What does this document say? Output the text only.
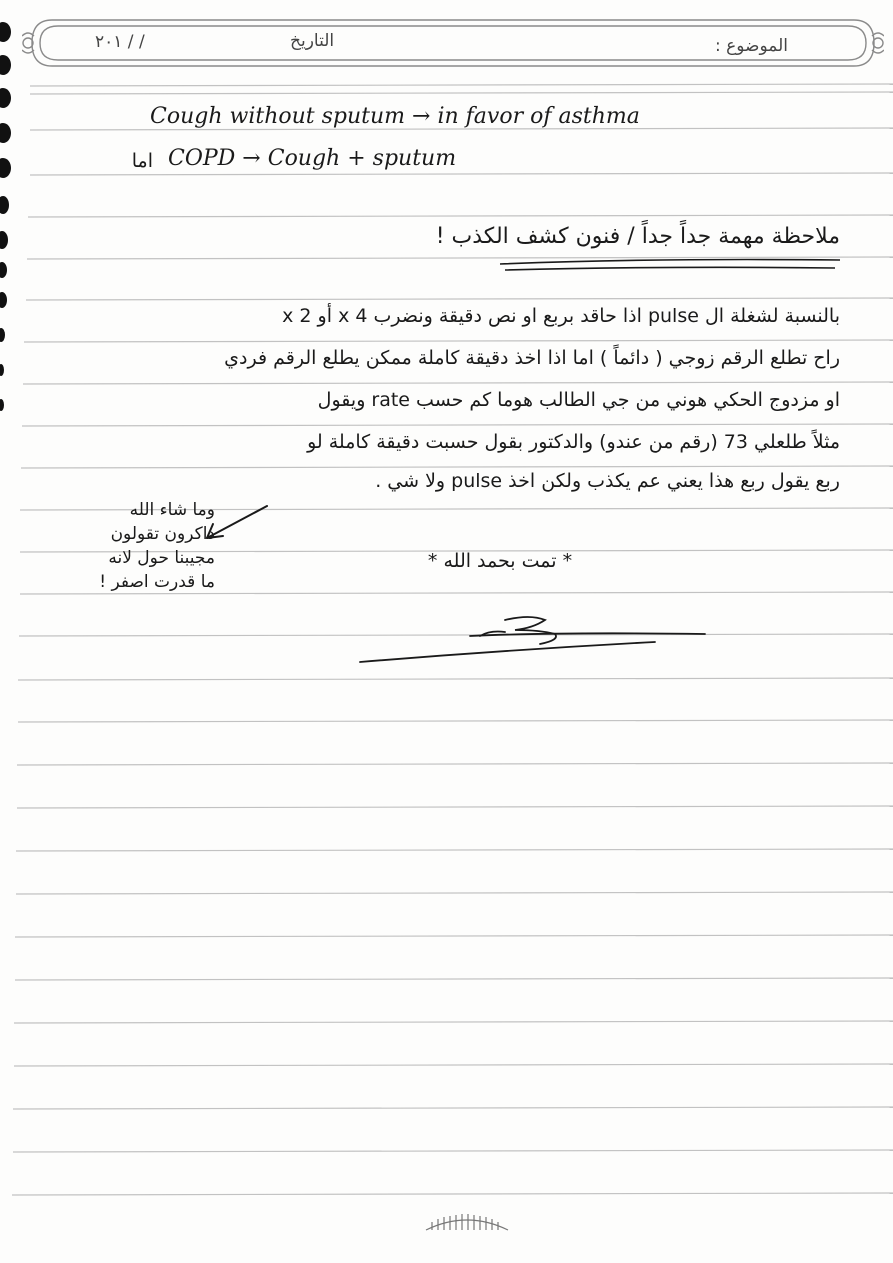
التاريخ
٢٠١ / /	الموضوع :
Cough without sputum → in favor of asthma
اما COPD → Cough + sputum
ملاحظة مهمة جداً جداً / فنون كشف الكذب !
بالنسبة لشغلة ال pulse اذا حاقد بربع او نص دقيقة ونضرب x 4 أو x 2
راح تطلع الرقم زوجي ( دائماً ) اما اذا اخذ دقيقة كاملة ممكن يطلع الرقم فردي
او مزدوج الحكي هوني من جي الطالب هوما كم حسب rate ويقول
مثلاً طلعلي 73 (رقم من عندو) والدكتور بقول حسبت دقيقة كاملة لو
ربع يقول ربع هذا يعني عم يكذب ولكن اخذ pulse ولا شي .
* تمت بحمد الله *
وما شاء الله
ذاكرون تقولون
مجيبنا حول لانه
ما قدرت اصفر !
